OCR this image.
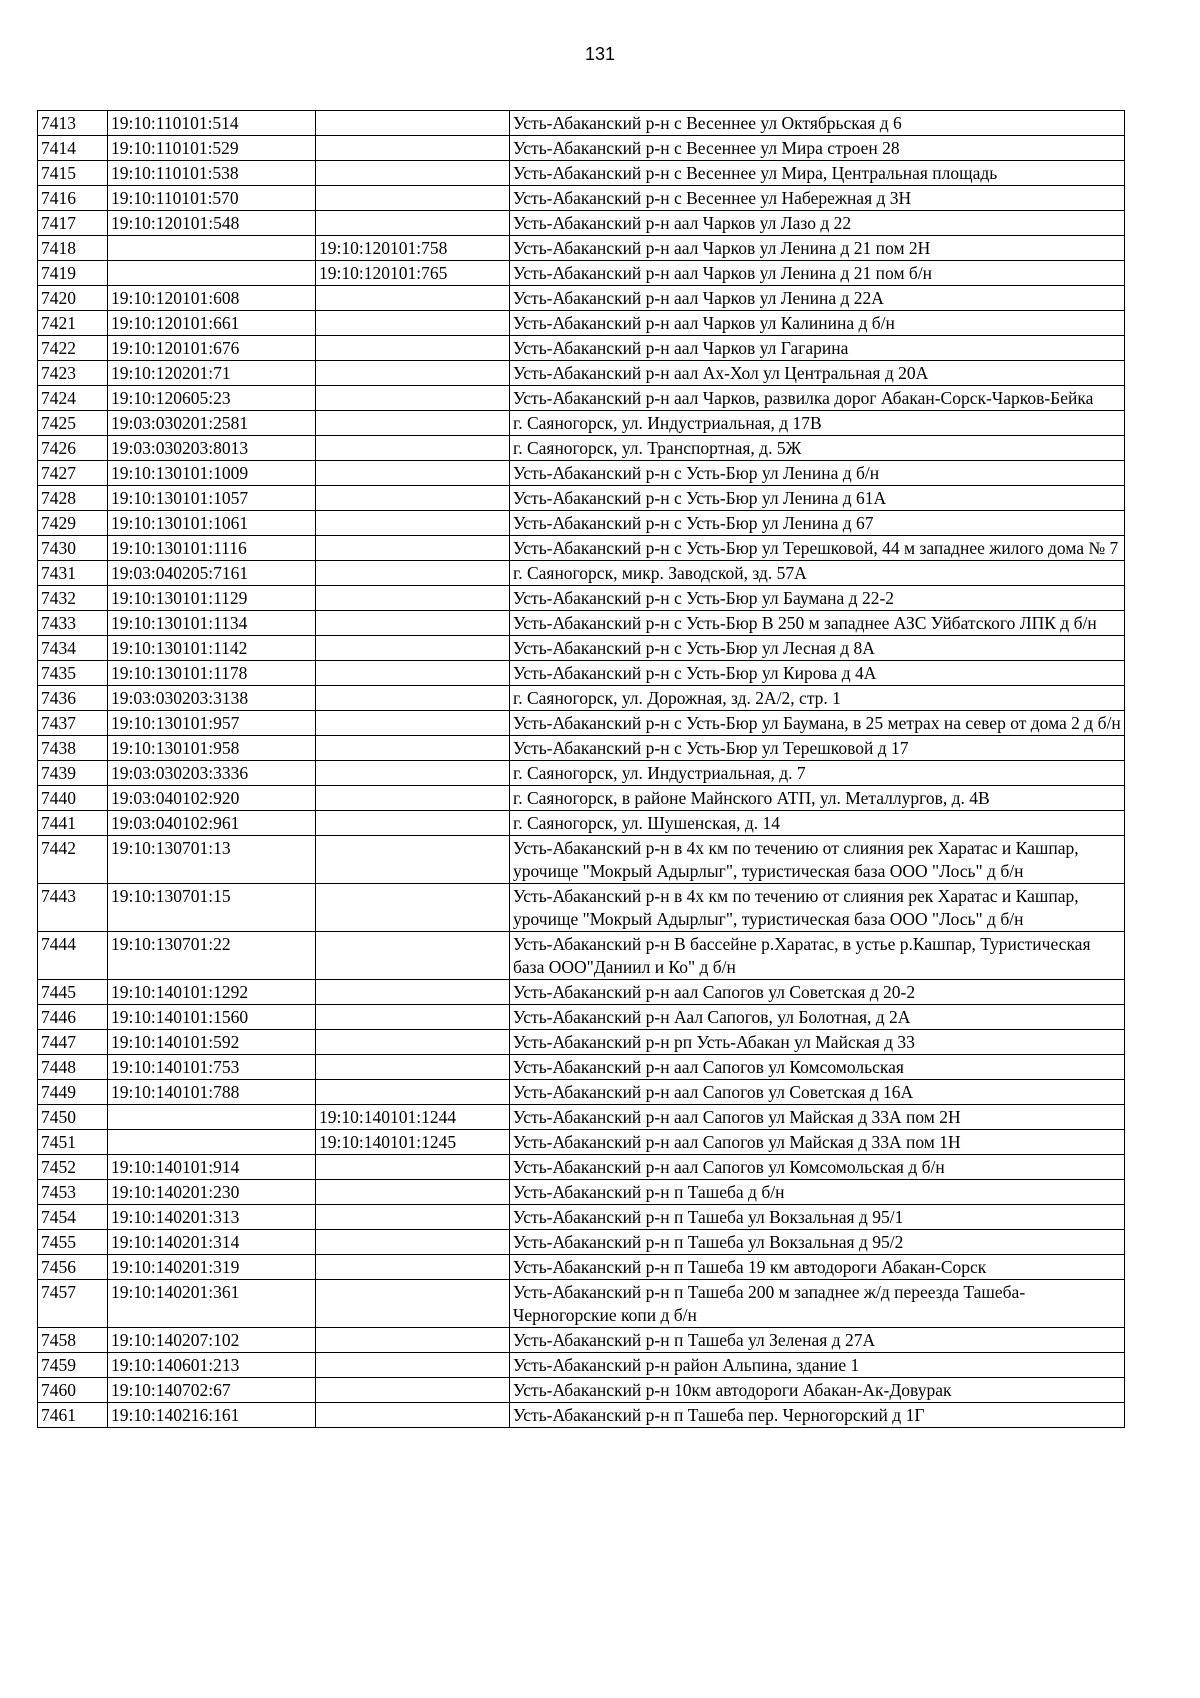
131
7413	19:10:110101:514		Усть-Абаканский р-н с Весеннее ул Октябрьская д 6
7414	19:10:110101:529		Усть-Абаканский р-н с Весеннее ул Мира строен 28
7415	19:10:110101:538		Усть-Абаканский р-н с Весеннее ул Мира, Центральная площадь
7416	19:10:110101:570		Усть-Абаканский р-н с Весеннее ул Набережная д 3Н
7417	19:10:120101:548		Усть-Абаканский р-н аал Чарков ул Лазо д 22
7418		19:10:120101:758	Усть-Абаканский р-н аал Чарков ул Ленина д 21 пом 2Н
7419		19:10:120101:765	Усть-Абаканский р-н аал Чарков ул Ленина д 21 пом б/н
7420	19:10:120101:608		Усть-Абаканский р-н аал Чарков ул Ленина д 22А
7421	19:10:120101:661		Усть-Абаканский р-н аал Чарков ул Калинина д б/н
7422	19:10:120101:676		Усть-Абаканский р-н аал Чарков ул Гагарина
7423	19:10:120201:71		Усть-Абаканский р-н аал Ах-Хол ул Центральная д 20А
7424	19:10:120605:23		Усть-Абаканский р-н аал Чарков, развилка дорог Абакан-Сорск-Чарков-Бейка
7425	19:03:030201:2581		г. Саяногорск, ул. Индустриальная, д 17В
7426	19:03:030203:8013		г. Саяногорск, ул. Транспортная, д. 5Ж
7427	19:10:130101:1009		Усть-Абаканский р-н с Усть-Бюр ул Ленина д б/н
7428	19:10:130101:1057		Усть-Абаканский р-н с Усть-Бюр ул Ленина д 61А
7429	19:10:130101:1061		Усть-Абаканский р-н с Усть-Бюр ул Ленина д 67
7430	19:10:130101:1116		Усть-Абаканский р-н с Усть-Бюр ул Терешковой, 44 м западнее жилого дома № 7
7431	19:03:040205:7161		г. Саяногорск, микр. Заводской, зд. 57А
7432	19:10:130101:1129		Усть-Абаканский р-н с Усть-Бюр ул Баумана д 22-2
7433	19:10:130101:1134		Усть-Абаканский р-н с Усть-Бюр В 250 м западнее АЗС Уйбатского ЛПК д б/н
7434	19:10:130101:1142		Усть-Абаканский р-н с Усть-Бюр ул Лесная д 8А
7435	19:10:130101:1178		Усть-Абаканский р-н с Усть-Бюр ул Кирова д 4А
7436	19:03:030203:3138		г. Саяногорск, ул. Дорожная, зд. 2А/2, стр. 1
7437	19:10:130101:957		Усть-Абаканский р-н с Усть-Бюр ул Баумана, в 25 метрах на север от дома 2 д б/н
7438	19:10:130101:958		Усть-Абаканский р-н с Усть-Бюр ул Терешковой д 17
7439	19:03:030203:3336		г. Саяногорск, ул. Индустриальная, д. 7
7440	19:03:040102:920		г. Саяногорск, в районе Майнского АТП, ул. Металлургов, д. 4В
7441	19:03:040102:961		г. Саяногорск, ул. Шушенская, д. 14
7442	19:10:130701:13		Усть-Абаканский р-н в 4х км по течению от слияния рек Харатас и Кашпар, урочище "Мокрый Адырлыг", туристическая база ООО "Лось" д б/н
7443	19:10:130701:15		Усть-Абаканский р-н в 4х км по течению от слияния рек Харатас и Кашпар, урочище "Мокрый Адырлыг", туристическая база ООО "Лось" д б/н
7444	19:10:130701:22		Усть-Абаканский р-н В бассейне р.Харатас, в устье р.Кашпар, Туристическая база ООО"Даниил и Ко" д б/н
7445	19:10:140101:1292		Усть-Абаканский р-н аал Сапогов ул Советская д 20-2
7446	19:10:140101:1560		Усть-Абаканский р-н Аал Сапогов, ул Болотная, д 2А
7447	19:10:140101:592		Усть-Абаканский р-н рп Усть-Абакан ул Майская д 33
7448	19:10:140101:753		Усть-Абаканский р-н аал Сапогов ул Комсомольская
7449	19:10:140101:788		Усть-Абаканский р-н аал Сапогов ул Советская д 16А
7450		19:10:140101:1244	Усть-Абаканский р-н аал Сапогов ул Майская д 33А пом 2Н
7451		19:10:140101:1245	Усть-Абаканский р-н аал Сапогов ул Майская д 33А пом 1Н
7452	19:10:140101:914		Усть-Абаканский р-н аал Сапогов ул Комсомольская д б/н
7453	19:10:140201:230		Усть-Абаканский р-н п Ташеба д б/н
7454	19:10:140201:313		Усть-Абаканский р-н п Ташеба ул Вокзальная д 95/1
7455	19:10:140201:314		Усть-Абаканский р-н п Ташеба ул Вокзальная д 95/2
7456	19:10:140201:319		Усть-Абаканский р-н п Ташеба 19 км автодороги Абакан-Сорск
7457	19:10:140201:361		Усть-Абаканский р-н п Ташеба 200 м западнее ж/д переезда Ташеба-Черногорские копи д б/н
7458	19:10:140207:102		Усть-Абаканский р-н п Ташеба ул Зеленая д 27А
7459	19:10:140601:213		Усть-Абаканский р-н район Альпина, здание 1
7460	19:10:140702:67		Усть-Абаканский р-н 10км автодороги Абакан-Ак-Довурак
7461	19:10:140216:161		Усть-Абаканский р-н п Ташеба пер. Черногорский д 1Г
